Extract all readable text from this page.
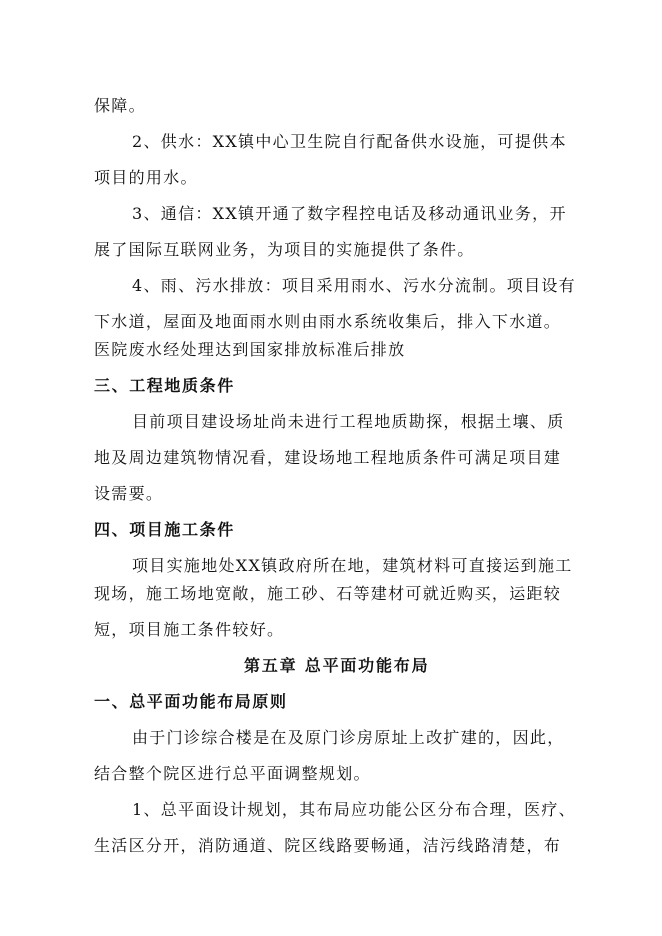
保障。
2、供水：XX镇中心卫生院自行配备供水设施，可提供本
项目的用水。
3、通信：XX镇开通了数字程控电话及移动通讯业务，开
展了国际互联网业务，为项目的实施提供了条件。
4、雨、污水排放：项目采用雨水、污水分流制。项目设有
下水道，屋面及地面雨水则由雨水系统收集后，排入下水道。
医院废水经处理达到国家排放标准后排放
三、工程地质条件
目前项目建设场址尚未进行工程地质勘探，根据土壤、质
地及周边建筑物情况看，建设场地工程地质条件可满足项目建
设需要。
四、项目施工条件
项目实施地处XX镇政府所在地，建筑材料可直接运到施工
现场，施工场地宽敞，施工砂、石等建材可就近购买，运距较
短，项目施工条件较好。
第五章 总平面功能布局
一、总平面功能布局原则
由于门诊综合楼是在及原门诊房原址上改扩建的，因此，
结合整个院区进行总平面调整规划。
1、总平面设计规划，其布局应功能公区分布合理，医疗、
生活区分开，消防通道、院区线路要畅通，洁污线路清楚，布
